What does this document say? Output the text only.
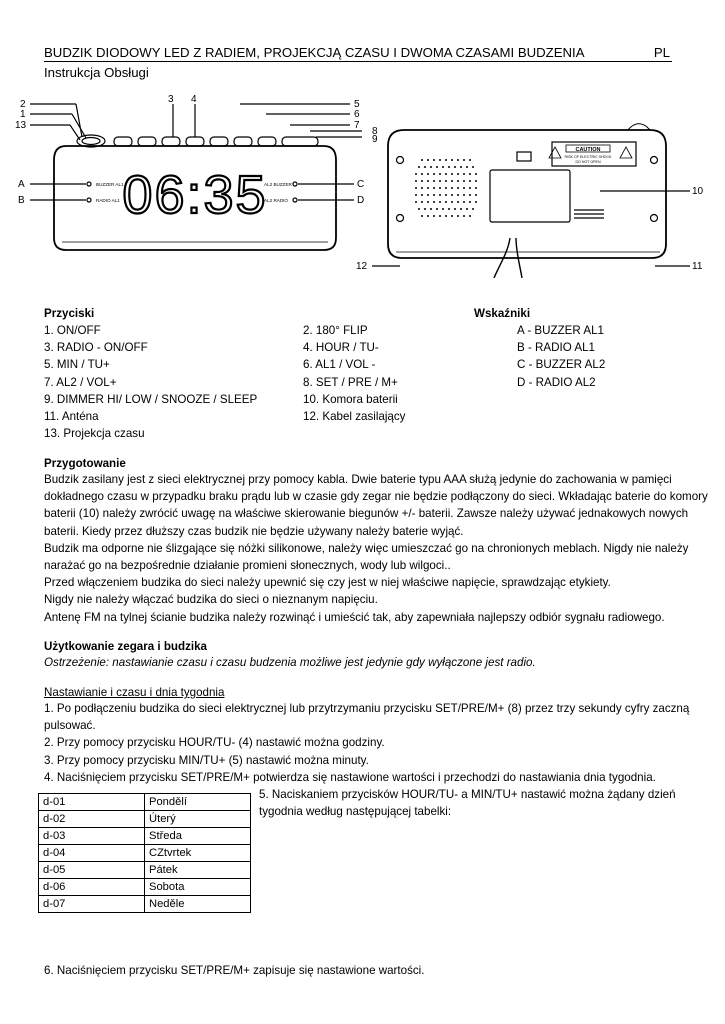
BUDZIK DIODOWY LED Z RADIEM, PROJEKCJĄ CZASU I DWOMA CZASAMI BUDZENIA	PL
Instrukcja Obsługi
06:35
BUZZER AL1
RADIO AL1
AL2 BUZZER
AL2 RADIO
2
1
13
A
B
3 4	5
6
7
8
9
C
D
10
12	11
CAUTION
RISK OF ELECTRIC SHOCK
DO NOT OPEN
Przyciski

1. ON/OFF

3. RADIO - ON/OFF

5. MIN / TU+

7. AL2 / VOL+

9. DIMMER HI/ LOW / SNOOZE / SLEEP

11. Anténa

13. Projekcja czasu

2. 180° FLIP

4. HOUR / TU-

6. AL1 / VOL -

8. SET / PRE / M+

10. Komora baterii

12. Kabel zasilający

Wskaźniki

A - BUZZER AL1

B - RADIO AL1

C - BUZZER AL2

D - RADIO AL2

Przygotowanie

Budzik zasilany jest z sieci elektrycznej przy pomocy kabla. Dwie baterie typu AAA służą jedynie do zachowania w pamięci

dokładnego czasu w przypadku braku prądu lub w czasie gdy zegar nie będzie podłączony do sieci. Wkładając baterie do komory

baterii (10) należy zwrócić uwagę na właściwe skierowanie biegunów +/- baterii. Zawsze należy używać jednakowych nowych

baterii. Kiedy przez dłuższy czas budzik nie będzie używany należy baterie wyjąć.

Budzik ma odporne nie ślizgające się nóżki silikonowe, należy więc umieszczać go na chronionych meblach. Nigdy nie należy

narażać go na bezpośrednie działanie promieni słonecznych, wody lub wilgoci..

Przed włączeniem budzika do sieci należy upewnić się czy jest w niej właściwe napięcie, sprawdzając etykiety.

Nigdy nie należy włączać budzika do sieci o nieznanym napięciu.

Antenę FM na tylnej ścianie budzika należy rozwinąć i umieścić tak, aby zapewniała najlepszy odbiór sygnału radiowego.

Użytkowanie zegara i budzika
Ostrzeżenie: nastawianie czasu i czasu budzenia możliwe jest jedynie gdy wyłączone jest radio.
Nastawianie i czasu i dnia tygodnia

1. Po podłączeniu budzika do sieci elektrycznej lub przytrzymaniu przycisku SET/PRE/M+ (8) przez trzy sekundy cyfry zaczną

pulsować.

2. Przy pomocy przycisku HOUR/TU- (4) nastawić można godziny.

3. Przy pomocy przycisku MIN/TU+ (5) nastawić można minuty.

4. Naciśnięciem przycisku SET/PRE/M+ potwierdza się nastawione wartości i przechodzi do nastawiania dnia tygodnia.

5. Naciskaniem przycisków HOUR/TU- a MIN/TU+ nastawić można żądany dzień

tygodnia według następującej tabelki:

d-01	Pondělí
d-02	Úterý
d-03	Středa
d-04	CZtvrtek
d-05	Pátek
d-06	Sobota
d-07	Neděle
6. Naciśnięciem przycisku SET/PRE/M+ zapisuje się nastawione wartości.
